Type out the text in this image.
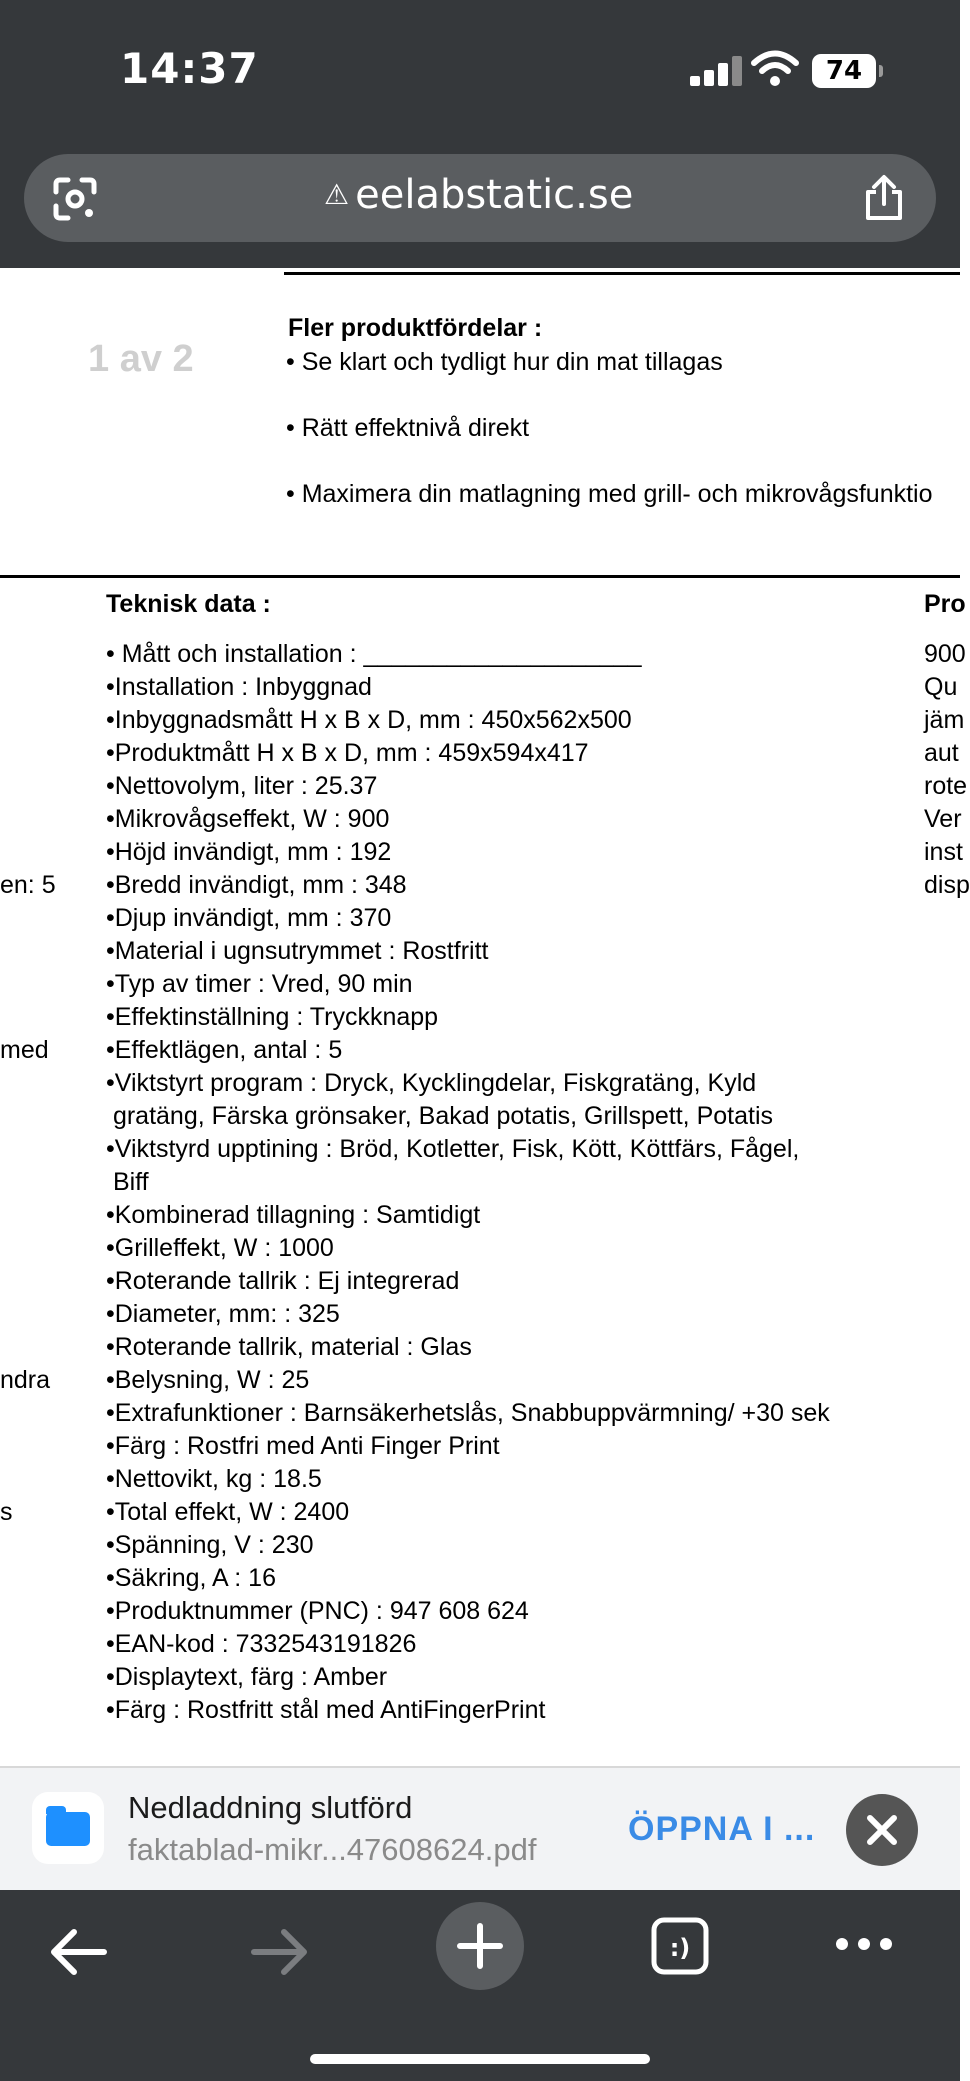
14:37	74
⚠ eelabstatic.se
1 av 2
Fler produktfördelar :
• Se klart och tydligt hur din mat tillagas
• Rätt effektnivå direkt
• Maximera din matlagning med grill- och mikrovågsfunktio
Teknisk data :	Pro
• Mått och installation : ____________________
•Installation : Inbyggnad
•Inbyggnadsmått H x B x D, mm : 450x562x500
•Produktmått H x B x D, mm : 459x594x417
•Nettovolym, liter : 25.37
•Mikrovågseffekt, W : 900
•Höjd invändigt, mm : 192
•Bredd invändigt, mm : 348
•Djup invändigt, mm : 370
•Material i ugnsutrymmet : Rostfritt
•Typ av timer : Vred, 90 min
•Effektinställning : Tryckknapp
•Effektlägen, antal : 5
•Viktstyrt program : Dryck, Kycklingdelar, Fiskgratäng, Kyld
gratäng, Färska grönsaker, Bakad potatis, Grillspett, Potatis
•Viktstyrd upptining : Bröd, Kotletter, Fisk, Kött, Köttfärs, Fågel,
Biff
•Kombinerad tillagning : Samtidigt
•Grilleffekt, W : 1000
•Roterande tallrik : Ej integrerad
•Diameter, mm: : 325
•Roterande tallrik, material : Glas
•Belysning, W : 25
•Extrafunktioner : Barnsäkerhetslås, Snabbuppvärmning/ +30 sek
•Färg : Rostfri med Anti Finger Print
•Nettovikt, kg : 18.5
•Total effekt, W : 2400
•Spänning, V : 230
•Säkring, A : 16
•Produktnummer (PNC) : 947 608 624
•EAN-kod : 7332543191826
•Displaytext, färg : Amber
•Färg : Rostfritt stål med AntiFingerPrint
900
Qu
jäm
aut
rote
Ver
inst
disp
en: 5
med
ndra
s
Nedladdning slutförd
faktablad-mikr...47608624.pdf
ÖPPNA I ...
:)
